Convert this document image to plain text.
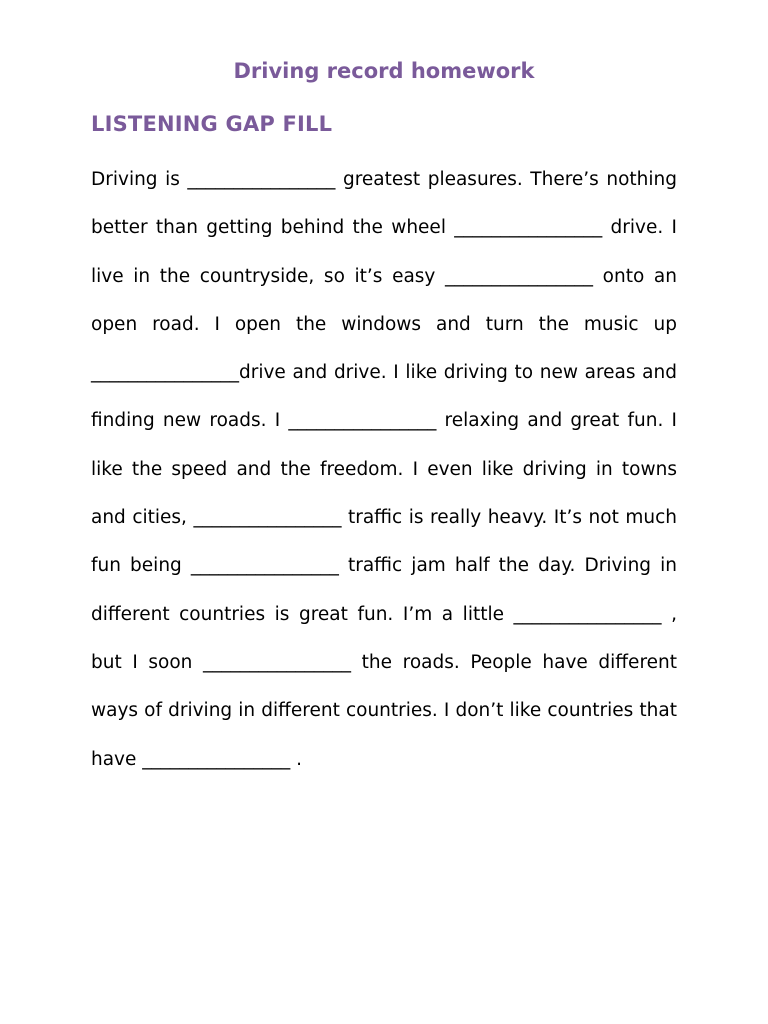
Driving record homework
LISTENING GAP FILL

Driving is ________________ greatest pleasures. There’s nothing better than getting behind the wheel ________________ drive. I live in the countryside, so it’s easy ________________ onto an open road. I open the windows and turn the music up ________________drive and drive. I like driving to new areas and finding new roads. I ________________ relaxing and great fun. I like the speed and the freedom. I even like driving in towns and cities, ________________ traffic is really heavy. It’s not much fun being ________________ traffic jam half the day. Driving in different countries is great fun. I’m a little ________________ , but I soon ________________ the roads. People have different ways of driving in different countries. I don’t like countries that have ________________ .
